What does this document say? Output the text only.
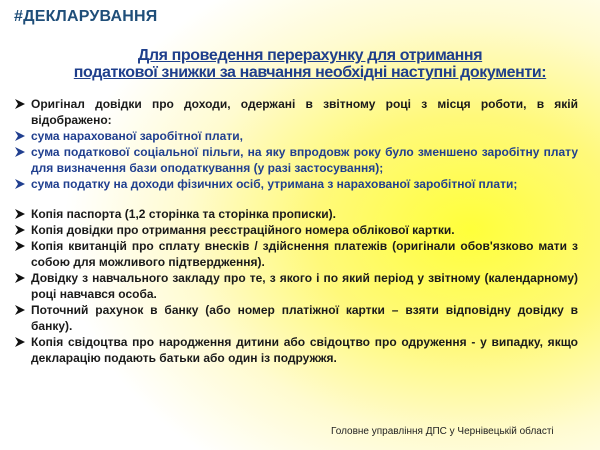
#ДЕКЛАРУВАННЯ
Для проведення перерахунку для отримання
податкової знижки за навчання необхідні наступні документи:
Оригінал довідки про доходи, одержані в звітному році з місця роботи, в якій відображено:
сума нарахованої заробітної плати,
сума податкової соціальної пільги, на яку впродовж року було зменшено заробітну плату для визначення бази оподаткування (у разі застосування);
сума податку на доходи фізичних осіб, утримана з нарахованої заробітної плати;
Копія паспорта (1,2 сторінка та сторінка прописки).
Копія довідки про отримання реєстраційного номера облікової картки.
Копія квитанцій про сплату внесків / здійснення платежів (оригінали обов'язково мати з собою для можливого підтвердження).
Довідку з навчального закладу про те, з якого і по який період у звітному (календарному) році навчався особа.
Поточний рахунок в банку (або номер платіжної картки – взяти відповідну довідку в банку).
Копія свідоцтва про народження дитини або свідоцтво про одруження - у випадку, якщо декларацію подають батьки або один із подружжя.
Головне управління ДПС у Чернівецькій області
